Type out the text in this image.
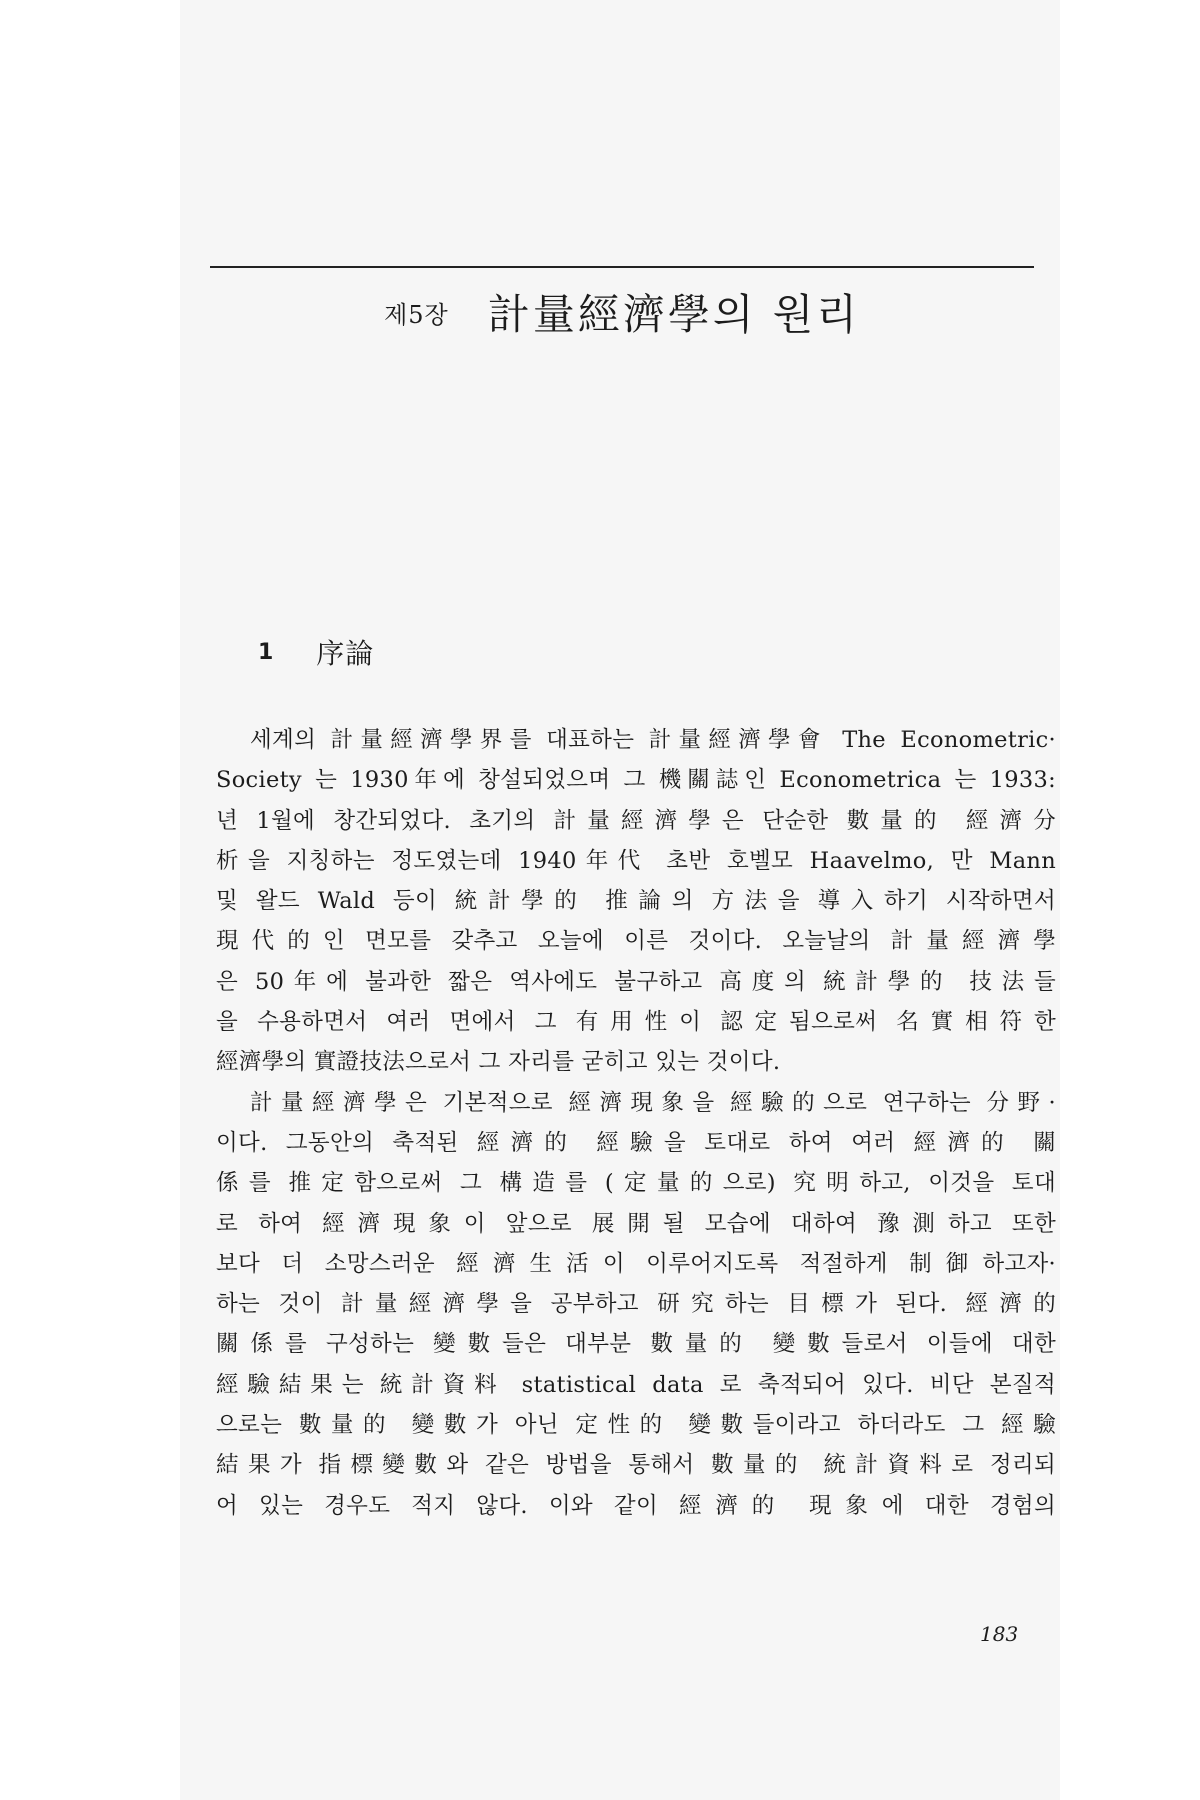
제5장 計量經濟學의 원리
1 序論
세계의 計量經濟學界를 대표하는 計量經濟學會 The Econometric·
Society 는 1930年에 창설되었으며 그 機關誌인 Econometrica 는 1933:
년 1월에 창간되었다. 초기의 計量經濟學은 단순한 數量的 經濟分
析을 지칭하는 정도였는데 1940年代 초반 호벨모 Haavelmo, 만 Mann
및 왈드 Wald 등이 統計學的 推論의 方法을 導入하기 시작하면서
現代的인 면모를 갖추고 오늘에 이른 것이다. 오늘날의 計量經濟學
은 50年에 불과한 짧은 역사에도 불구하고 高度의 統計學的 技法들
을 수용하면서 여러 면에서 그 有用性이 認定됨으로써 名實相符한
經濟學의 實證技法으로서 그 자리를 굳히고 있는 것이다.
計量經濟學은 기본적으로 經濟現象을 經驗的으로 연구하는 分野·
이다. 그동안의 축적된 經濟的 經驗을 토대로 하여 여러 經濟的 關
係를 推定함으로써 그 構造를 (定量的으로) 究明하고, 이것을 토대
로 하여 經濟現象이 앞으로 展開될 모습에 대하여 豫測하고 또한
보다 더 소망스러운 經濟生活이 이루어지도록 적절하게 制御하고자·
하는 것이 計量經濟學을 공부하고 研究하는 目標가 된다. 經濟的
關係를 구성하는 變數들은 대부분 數量的 變數들로서 이들에 대한
經驗結果는 統計資料 statistical data 로 축적되어 있다. 비단 본질적
으로는 數量的 變數가 아닌 定性的 變數들이라고 하더라도 그 經驗
結果가 指標變數와 같은 방법을 통해서 數量的 統計資料로 정리되
어 있는 경우도 적지 않다. 이와 같이 經濟的 現象에 대한 경험의
183
